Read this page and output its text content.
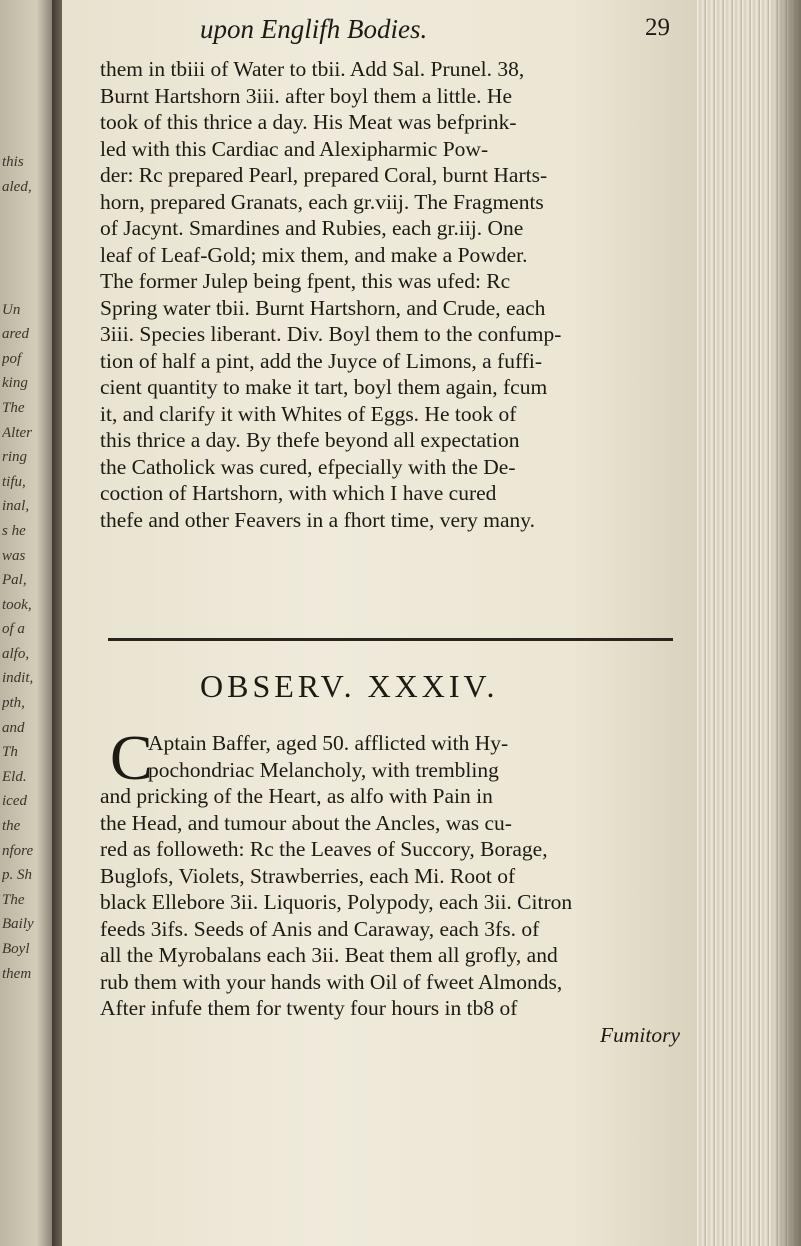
this
aled,
Un
ared
pof
king
The
Alter
ring
tifu,
inal,
s he
was
Pal,
took,
of a
alfo,
indit,
pth,
and
Th
Eld.
iced
the
nfore
p. Sh
The
Baily
Boyl
them
upon Englifh Bodies.	29
them in tbiii of Water to tbii. Add Sal. Prunel. 38,
Burnt Hartshorn 3iii. after boyl them a little. He
took of this thrice a day. His Meat was befprink-
led with this Cardiac and Alexipharmic Pow-
der: Rc prepared Pearl, prepared Coral, burnt Harts-
horn, prepared Granats, each gr.viij. The Fragments
of Jacynt. Smardines and Rubies, each gr.iij. One
leaf of Leaf-Gold; mix them, and make a Powder.
The former Julep being fpent, this was ufed: Rc
Spring water tbii. Burnt Hartshorn, and Crude, each
3iii. Species liberant. Div. Boyl them to the confump-
tion of half a pint, add the Juyce of Limons, a fuffi-
cient quantity to make it tart, boyl them again, fcum
it, and clarify it with Whites of Eggs. He took of
this thrice a day. By thefe beyond all expectation
the Catholick was cured, efpecially with the De-
coction of Hartshorn, with which I have cured
thefe and other Feavers in a fhort time, very many.
OBSERV. XXXIV.
C
Aptain Baffer, aged 50. afflicted with Hy-
pochondriac Melancholy, with trembling
and pricking of the Heart, as alfo with Pain in
the Head, and tumour about the Ancles, was cu-
red as followeth: Rc the Leaves of Succory, Borage,
Buglofs, Violets, Strawberries, each Mi. Root of
black Ellebore 3ii. Liquoris, Polypody, each 3ii. Citron
feeds 3ifs. Seeds of Anis and Caraway, each 3fs. of
all the Myrobalans each 3ii. Beat them all grofly, and
rub them with your hands with Oil of fweet Almonds,
After infufe them for twenty four hours in tb8 of
Fumitory
